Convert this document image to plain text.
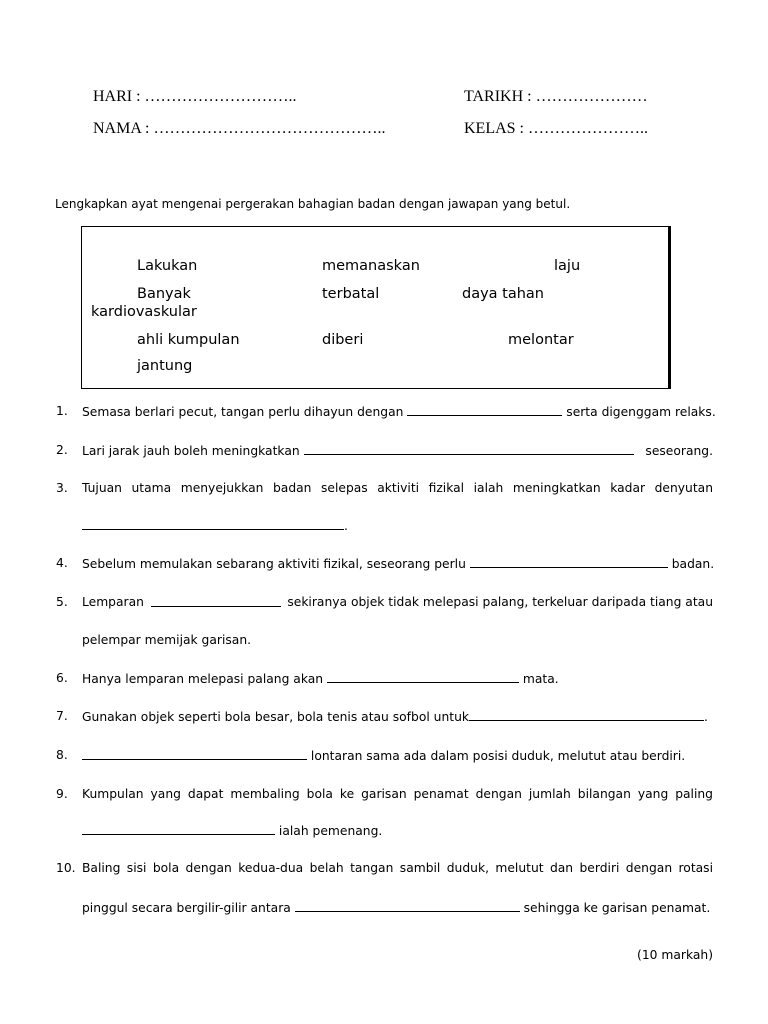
HARI : ………………………..	TARIKH : …………………
NAMA : ……………………………………..	KELAS : …………………..
Lengkapkan ayat mengenai pergerakan bahagian badan dengan jawapan yang betul.
Lakukan	memanaskan	laju
Banyak	terbatal	daya tahan
kardiovaskular
ahli kumpulan	diberi	melontar
jantung
1. Semasa berlari pecut, tangan perlu dihayun dengan	serta digenggam relaks.
2. Lari jarak jauh boleh meningkatkan	seseorang.
3. Tujuan utama menyejukkan badan selepas aktiviti fizikal ialah meningkatkan kadar denyutan
.
4. Sebelum memulakan sebarang aktiviti fizikal, seseorang perlu	badan.
5. Lemparan	sekiranya objek tidak melepasi palang, terkeluar daripada tiang atau
pelempar memijak garisan.
6. Hanya lemparan melepasi palang akan	mata.
7. Gunakan objek seperti bola besar, bola tenis atau sofbol untuk	.
8.	lontaran sama ada dalam posisi duduk, melutut atau berdiri.
9. Kumpulan yang dapat membaling bola ke garisan penamat dengan jumlah bilangan yang paling
ialah pemenang.
10. Baling sisi bola dengan kedua-dua belah tangan sambil duduk, melutut dan berdiri dengan rotasi
pinggul secara bergilir-gilir antara	sehingga ke garisan penamat.
(10 markah)
